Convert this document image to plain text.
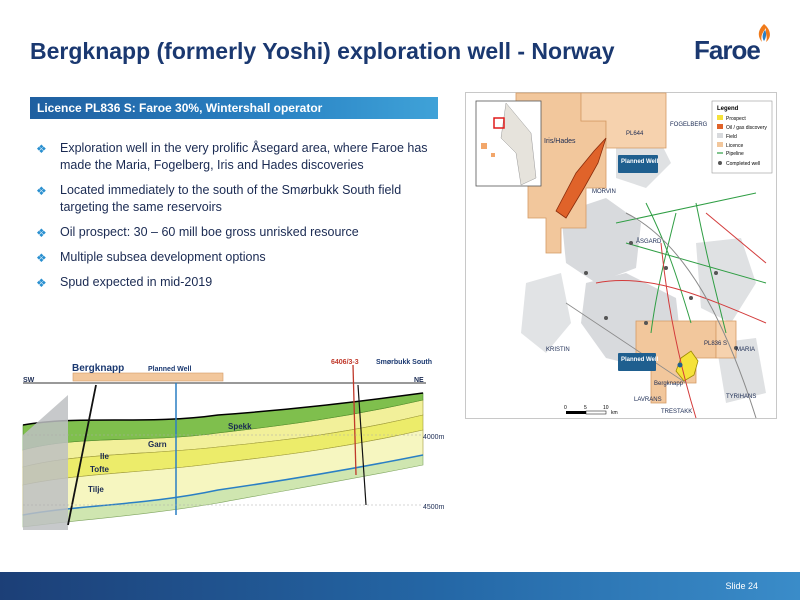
Bergknapp (formerly Yoshi) exploration well - Norway	Faroe
Licence PL836 S: Faroe 30%, Wintershall operator
❖ Exploration well in the very prolific Åsegard area, where Faroe has made the Maria, Fogelberg, Iris and Hades discoveries
❖ Located immediately to the south of the Smørbukk South field targeting the same reservoirs
❖ Oil prospect: 30 – 60 mill boe gross unrisked resource
❖ Multiple subsea development options
❖ Spud expected in mid-2019
Legend
Prospect
Oil / gas discovery
Field
Licence
Pipeline
Completed well
Iris/Hades
PL644
FOGELBERG
MORVIN
ÅSGARD
KRISTIN
PL836 S
MARIA
Bergknapp
LAVRANS
TRESTAKK
TYRIHANS
Planned Well
Planned Well
0	5	10
km
SW	NE
Bergknapp	Planned Well
6406/3-3 Smørbukk South
4000m
4500m
Spekk
Garn
Ile
Tofte
Tilje
Slide 24
